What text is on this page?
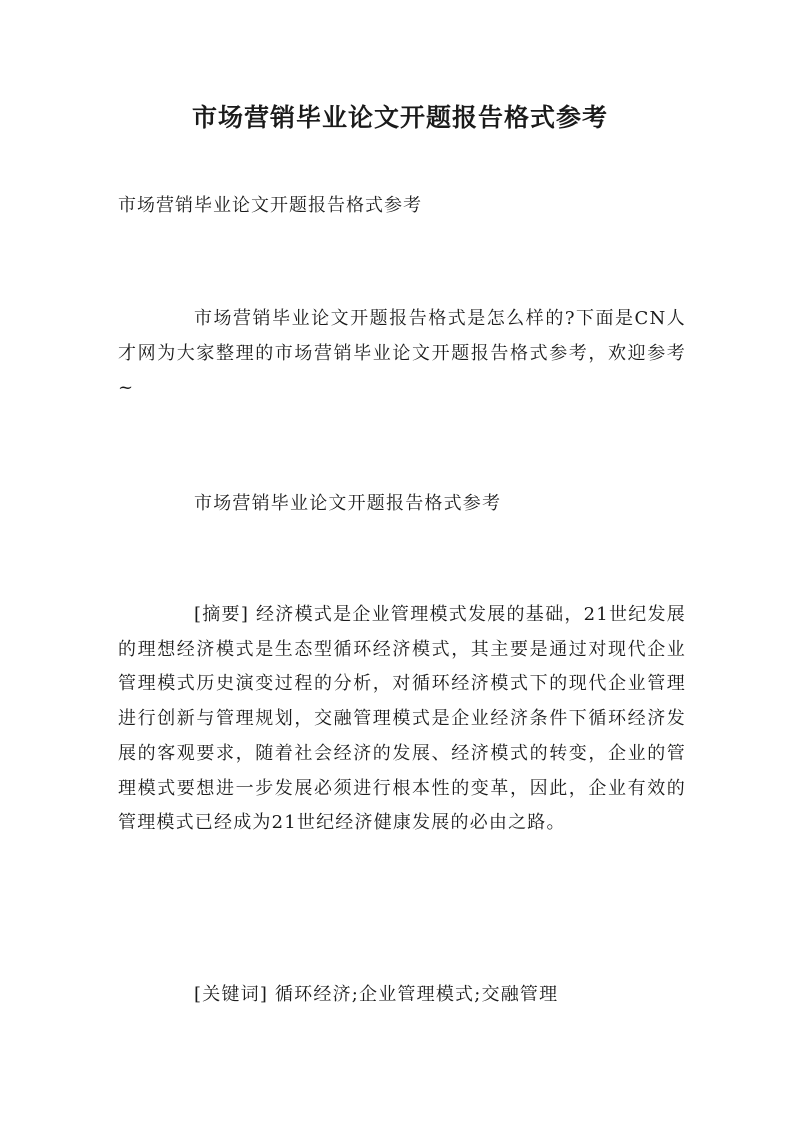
市场营销毕业论文开题报告格式参考

市场营销毕业论文开题报告格式参考

市场营销毕业论文开题报告格式是怎么样的?下面是CN人才网为大家整理的市场营销毕业论文开题报告格式参考，欢迎参考~

市场营销毕业论文开题报告格式参考

[摘要] 经济模式是企业管理模式发展的基础，21世纪发展的理想经济模式是生态型循环经济模式，其主要是通过对现代企业管理模式历史演变过程的分析，对循环经济模式下的现代企业管理进行创新与管理规划，交融管理模式是企业经济条件下循环经济发展的客观要求，随着社会经济的发展、经济模式的转变，企业的管理模式要想进一步发展必须进行根本性的变革，因此，企业有效的管理模式已经成为21世纪经济健康发展的必由之路。

[关键词] 循环经济;企业管理模式;交融管理
